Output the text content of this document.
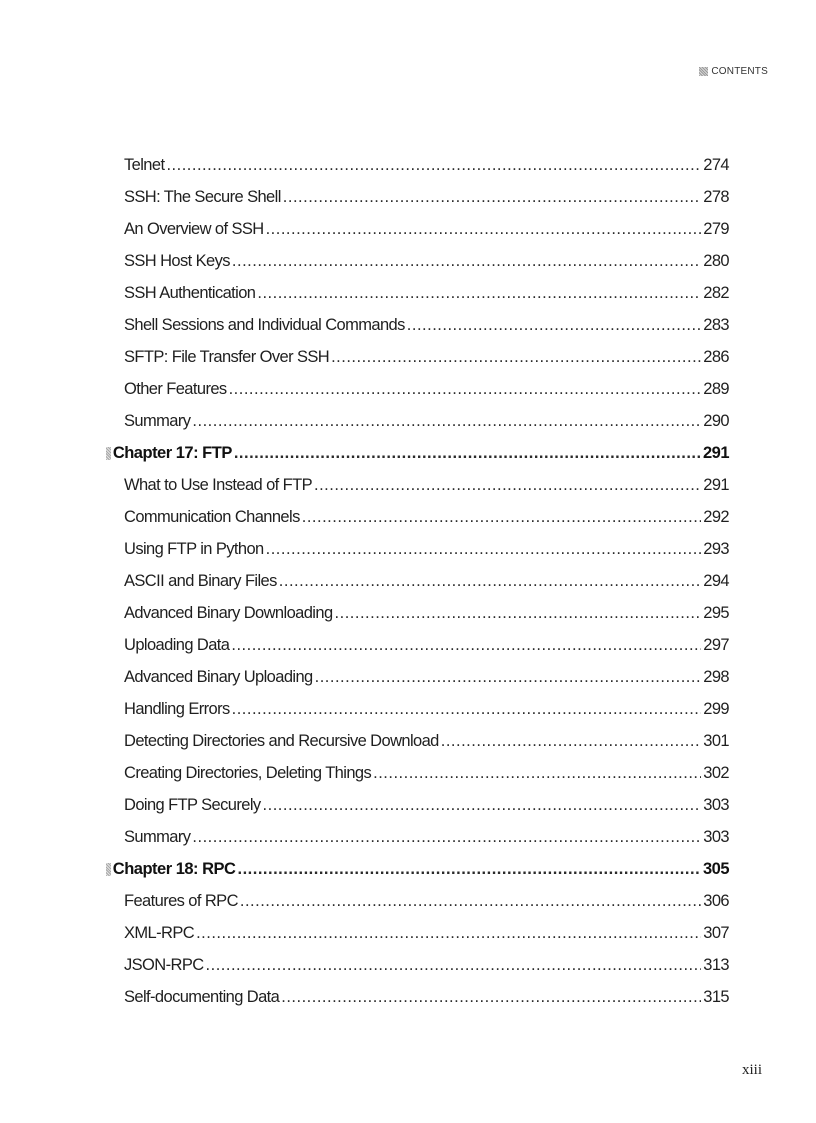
CONTENTS
Telnet .....	274
SSH: The Secure Shell .....	278
An Overview of SSH .....	279
SSH Host Keys .....	280
SSH Authentication .....	282
Shell Sessions and Individual Commands .....	283
SFTP: File Transfer Over SSH .....	286
Other Features .....	289
Summary .....	290
Chapter 17: FTP .....	291
What to Use Instead of FTP .....	291
Communication Channels .....	292
Using FTP in Python .....	293
ASCII and Binary Files .....	294
Advanced Binary Downloading .....	295
Uploading Data .....	297
Advanced Binary Uploading .....	298
Handling Errors .....	299
Detecting Directories and Recursive Download .....	301
Creating Directories, Deleting Things .....	302
Doing FTP Securely .....	303
Summary .....	303
Chapter 18: RPC .....	305
Features of RPC .....	306
XML-RPC .....	307
JSON-RPC .....	313
Self-documenting Data .....	315
xiii
